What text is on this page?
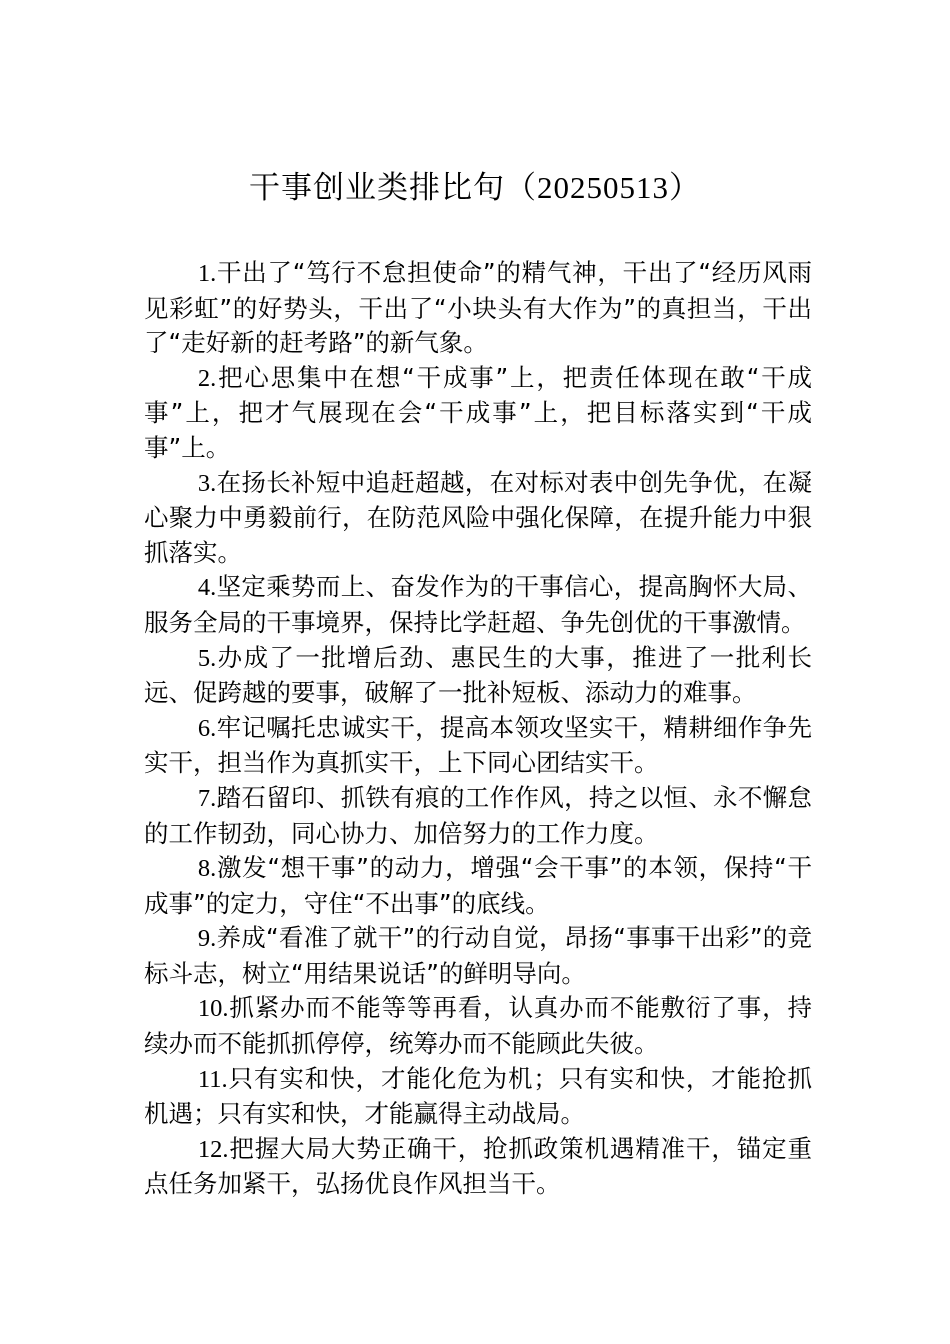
干事创业类排比句（20250513）

1.干出了“笃行不怠担使命”的精气神，干出了“经历风雨见彩虹”的好势头，干出了“小块头有大作为”的真担当，干出了“走好新的赶考路”的新气象。

2.把心思集中在想“干成事”上，把责任体现在敢“干成事”上，把才气展现在会“干成事”上，把目标落实到“干成事”上。

3.在扬长补短中追赶超越，在对标对表中创先争优，在凝心聚力中勇毅前行，在防范风险中强化保障，在提升能力中狠抓落实。

4.坚定乘势而上、奋发作为的干事信心，提高胸怀大局、服务全局的干事境界，保持比学赶超、争先创优的干事激情。

5.办成了一批增后劲、惠民生的大事，推进了一批利长远、促跨越的要事，破解了一批补短板、添动力的难事。

6.牢记嘱托忠诚实干，提高本领攻坚实干，精耕细作争先实干，担当作为真抓实干，上下同心团结实干。

7.踏石留印、抓铁有痕的工作作风，持之以恒、永不懈怠的工作韧劲，同心协力、加倍努力的工作力度。

8.激发“想干事”的动力，增强“会干事”的本领，保持“干成事”的定力，守住“不出事”的底线。

9.养成“看准了就干”的行动自觉，昂扬“事事干出彩”的竞标斗志，树立“用结果说话”的鲜明导向。

10.抓紧办而不能等等再看，认真办而不能敷衍了事，持续办而不能抓抓停停，统筹办而不能顾此失彼。

11.只有实和快，才能化危为机；只有实和快，才能抢抓机遇；只有实和快，才能赢得主动战局。

12.把握大局大势正确干，抢抓政策机遇精准干，锚定重点任务加紧干，弘扬优良作风担当干。
